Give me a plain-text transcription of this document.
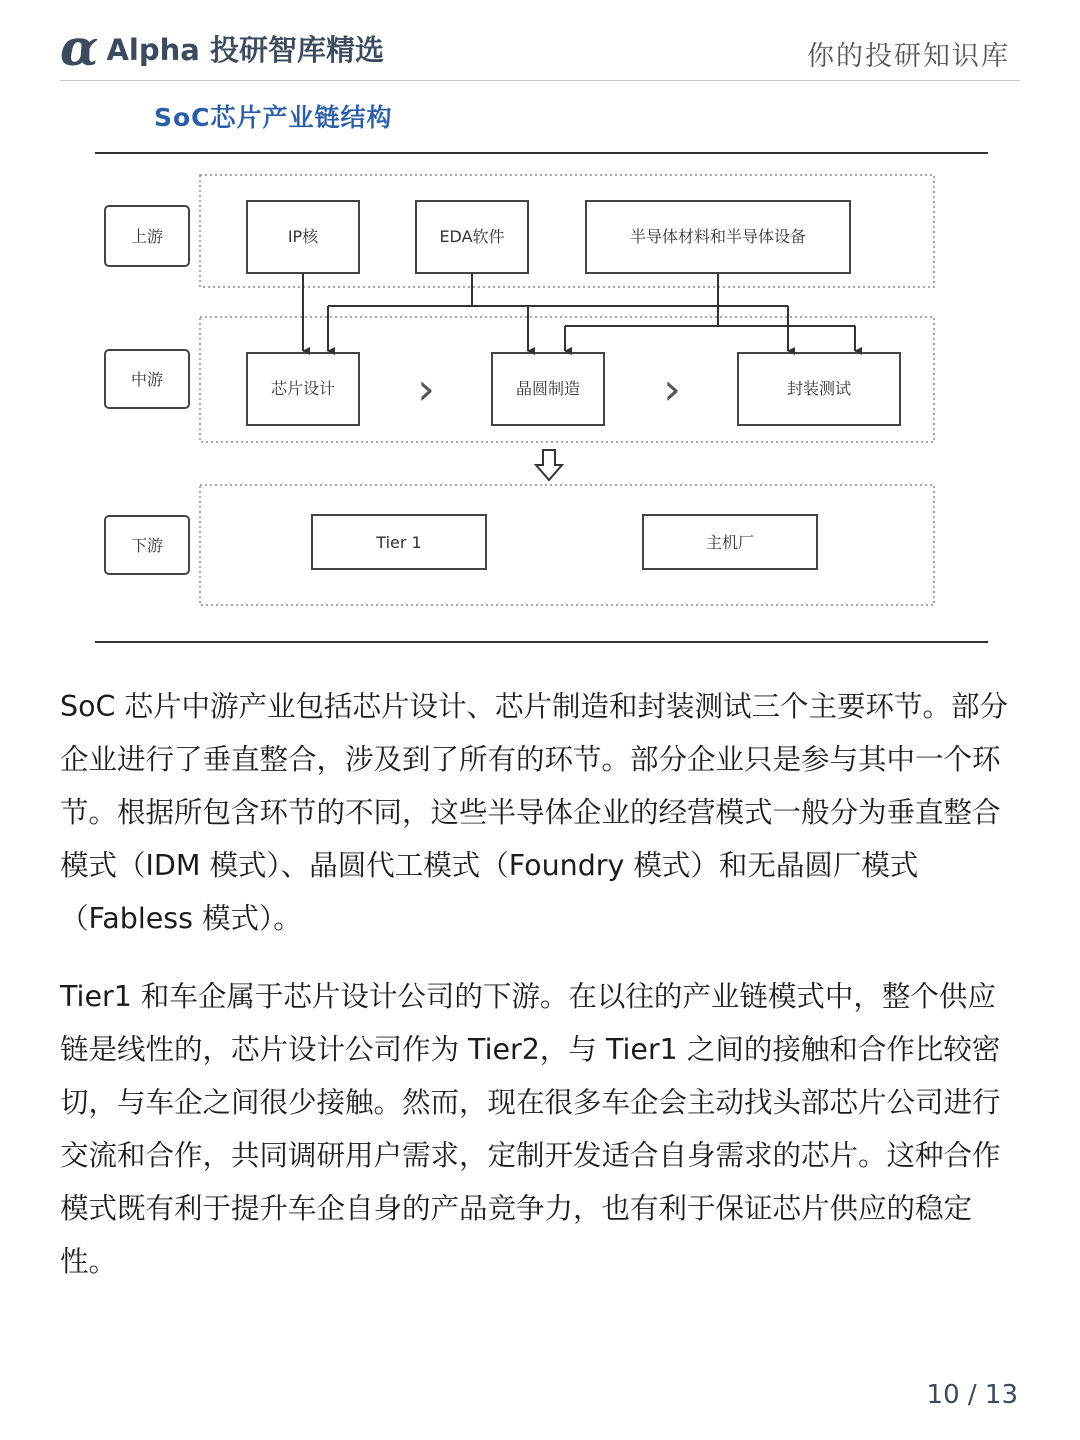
α Alpha 投研智库精选	你的投研知识库
SoC芯片产业链结构
上游
中游
下游
IP核	EDA软件	半导体材料和半导体设备
芯片设计	晶圆制造	封装测试
›	›
Tier 1	主机厂

SoC 芯片中游产业包括芯片设计、芯片制造和封装测试三个主要环节。部分企业进行了垂直整合，涉及到了所有的环节。部分企业只是参与其中一个环节。根据所包含环节的不同，这些半导体企业的经营模式一般分为垂直整合模式（IDM 模式）、晶圆代工模式（Foundry 模式）和无晶圆厂模式（Fabless 模式）。

Tier1 和车企属于芯片设计公司的下游。在以往的产业链模式中，整个供应链是线性的，芯片设计公司作为 Tier2，与 Tier1 之间的接触和合作比较密切，与车企之间很少接触。然而，现在很多车企会主动找头部芯片公司进行交流和合作，共同调研用户需求，定制开发适合自身需求的芯片。这种合作模式既有利于提升车企自身的产品竞争力，也有利于保证芯片供应的稳定性。

10 / 13
